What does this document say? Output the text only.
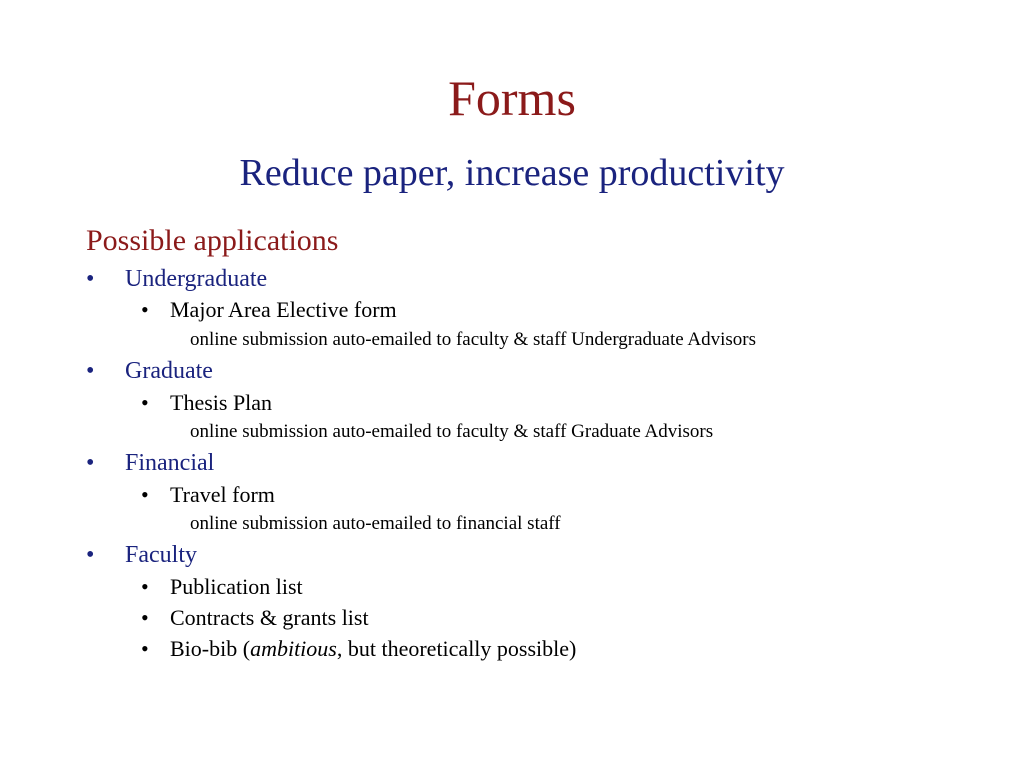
Forms
Reduce paper, increase productivity
Possible applications
• Undergraduate
• Major Area Elective form
online submission auto-emailed to faculty & staff Undergraduate Advisors
• Graduate
• Thesis Plan
online submission auto-emailed to faculty & staff Graduate Advisors
• Financial
• Travel form
online submission auto-emailed to financial staff
• Faculty
• Publication list
• Contracts & grants list
• Bio-bib (ambitious, but theoretically possible)
